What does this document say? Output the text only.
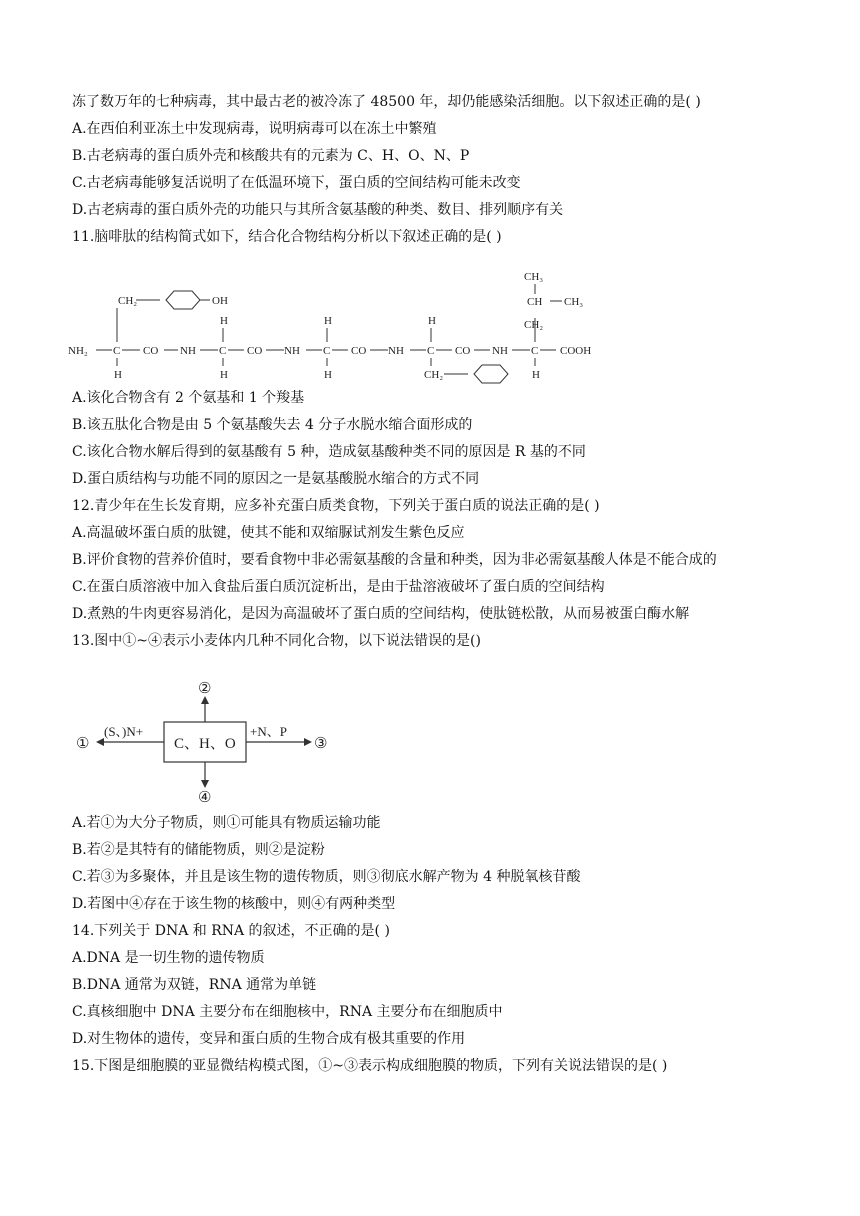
冻了数万年的七种病毒，其中最古老的被冷冻了 48500 年，却仍能感染活细胞。以下叙述正确的是( )
A.在西伯利亚冻土中发现病毒，说明病毒可以在冻土中繁殖
B.古老病毒的蛋白质外壳和核酸共有的元素为 C、H、O、N、P
C.古老病毒能够复活说明了在低温环境下，蛋白质的空间结构可能未改变
D.古老病毒的蛋白质外壳的功能只与其所含氨基酸的种类、数目、排列顺序有关
11.脑啡肽的结构简式如下，结合化合物结构分析以下叙述正确的是( )
A.该化合物含有 2 个氨基和 1 个羧基
B.该五肽化合物是由 5 个氨基酸失去 4 分子水脱水缩合面形成的
C.该化合物水解后得到的氨基酸有 5 种，造成氨基酸种类不同的原因是 R 基的不同
D.蛋白质结构与功能不同的原因之一是氨基酸脱水缩合的方式不同
12.青少年在生长发育期，应多补充蛋白质类食物，下列关于蛋白质的说法正确的是( )
A.高温破坏蛋白质的肽键，使其不能和双缩脲试剂发生紫色反应
B.评价食物的营养价值时，要看食物中非必需氨基酸的含量和种类，因为非必需氨基酸人体是不能合成的
C.在蛋白质溶液中加入食盐后蛋白质沉淀析出，是由于盐溶液破坏了蛋白质的空间结构
D.煮熟的牛肉更容易消化，是因为高温破坏了蛋白质的空间结构，使肽链松散，从而易被蛋白酶水解
13.图中①~④表示小麦体内几种不同化合物，以下说法错误的是()
A.若①为大分子物质，则①可能具有物质运输功能
B.若②是其特有的储能物质，则②是淀粉
C.若③为多聚体，并且是该生物的遗传物质，则③彻底水解产物为 4 种脱氧核苷酸
D.若图中④存在于该生物的核酸中，则④有两种类型
14.下列关于 DNA 和 RNA 的叙述，不正确的是( )
A.DNA 是一切生物的遗传物质
B.DNA 通常为双链，RNA 通常为单链
C.真核细胞中 DNA 主要分布在细胞核中，RNA 主要分布在细胞质中
D.对生物体的遗传，变异和蛋白质的生物合成有极其重要的作用
15.下图是细胞膜的亚显微结构模式图，①~③表示构成细胞膜的物质，下列有关说法错误的是( )
NH₂ C CO NH C CO NH C CO NH C CO NH C COOH
H
H
H
H
H
H
H
CH₂	OH
CH₂
CH₂
CH CH₃
CH₃
C、H、O
②
④
①	③
(S、)N+	+N、P
